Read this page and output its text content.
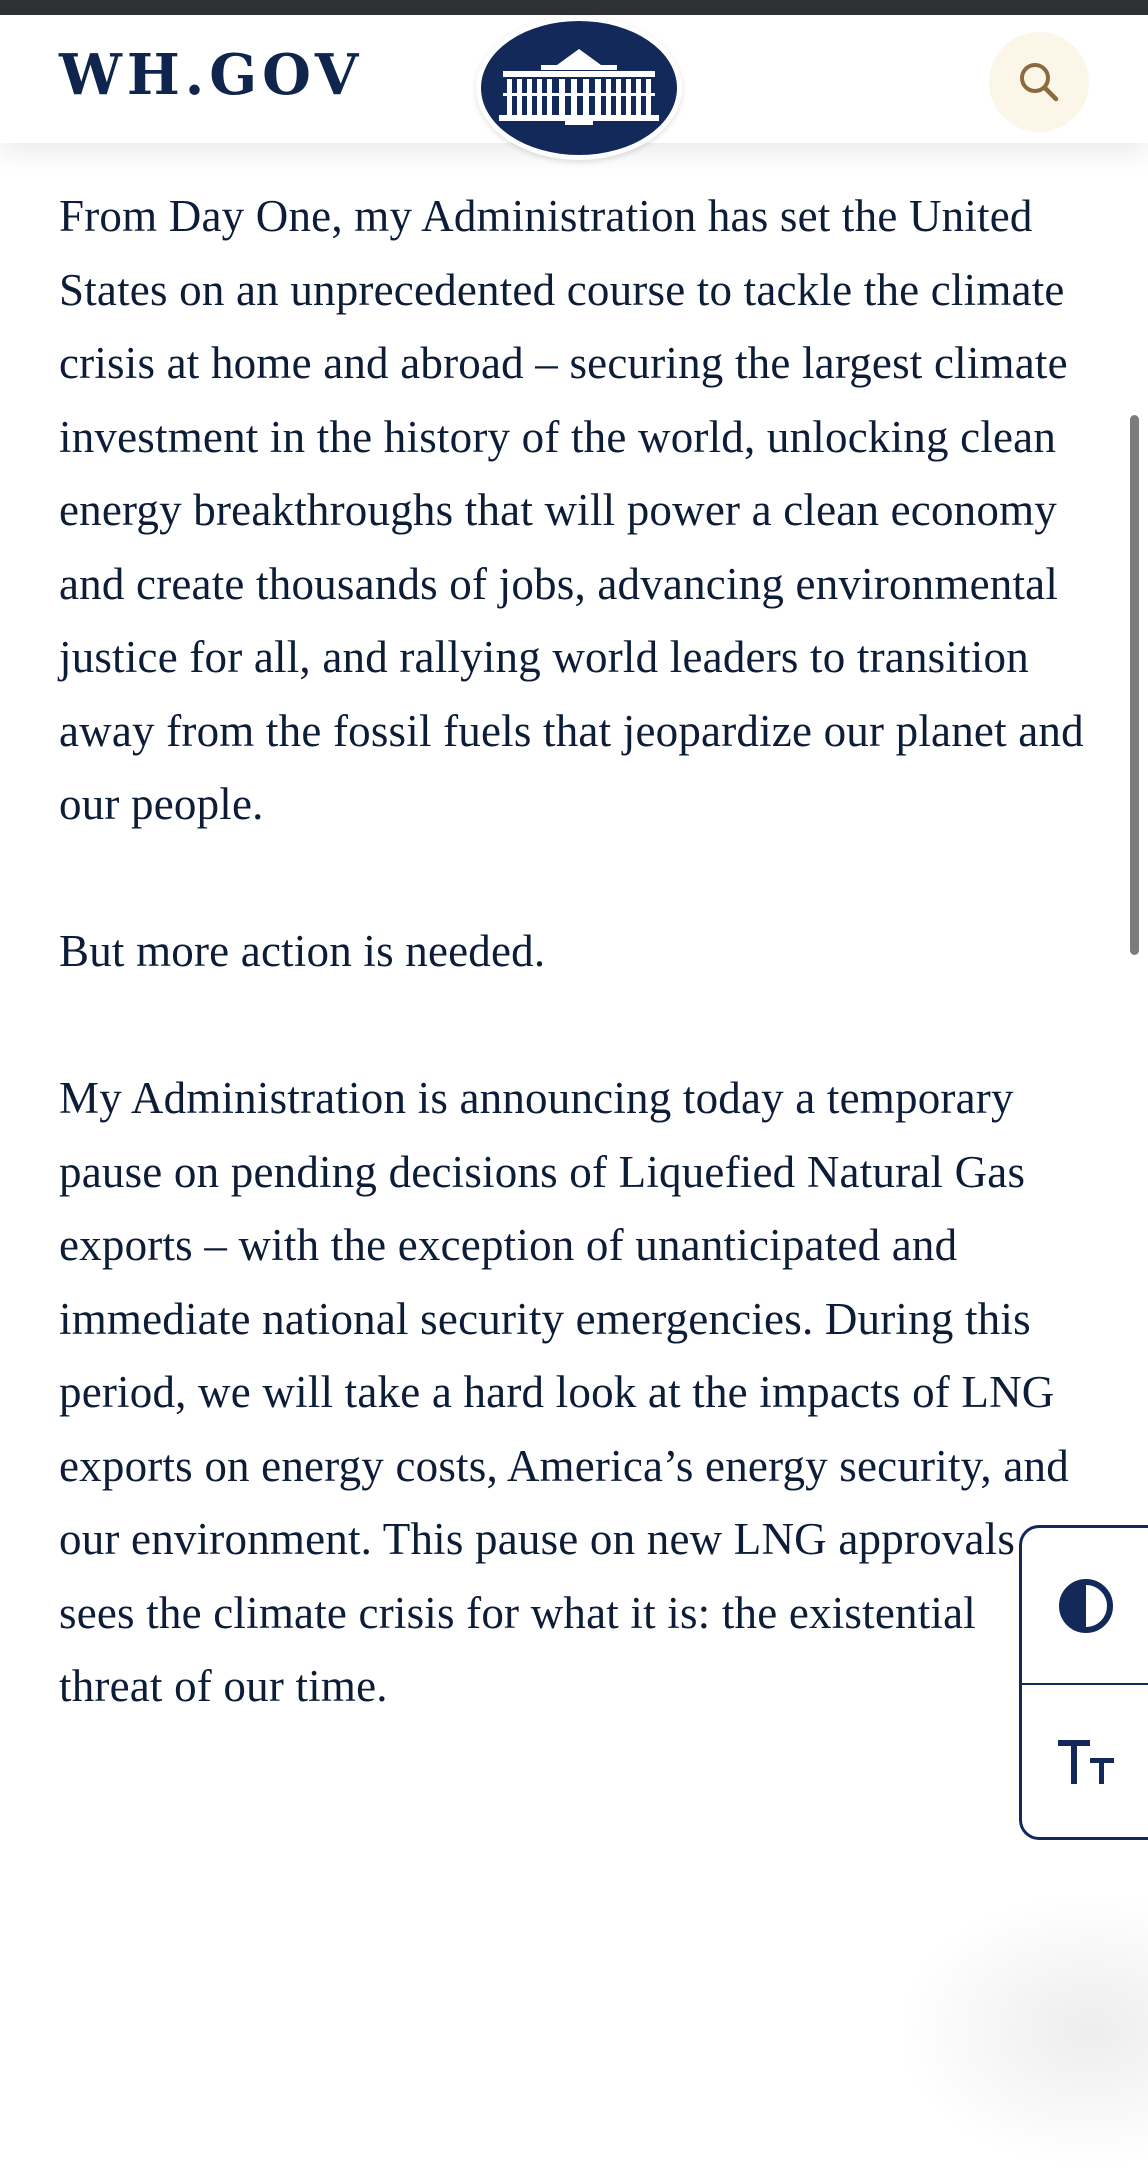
WH.GOV

From Day One, my Administration has set the United States on an unprecedented course to tackle the climate crisis at home and abroad – securing the largest climate investment in the history of the world, unlocking clean energy breakthroughs that will power a clean economy and create thousands of jobs, advancing environmental justice for all, and rallying world leaders to transition away from the fossil fuels that jeopardize our planet and our people.

But more action is needed.

My Administration is announcing today a temporary pause on pending decisions of Liquefied Natural Gas exports – with the exception of unanticipated and immediate national security emergencies. During this period, we will take a hard look at the impacts of LNG exports on energy costs, America’s energy security, and our environment. This pause on new LNG approvals sees the climate crisis for what it is: the existential threat of our time.
